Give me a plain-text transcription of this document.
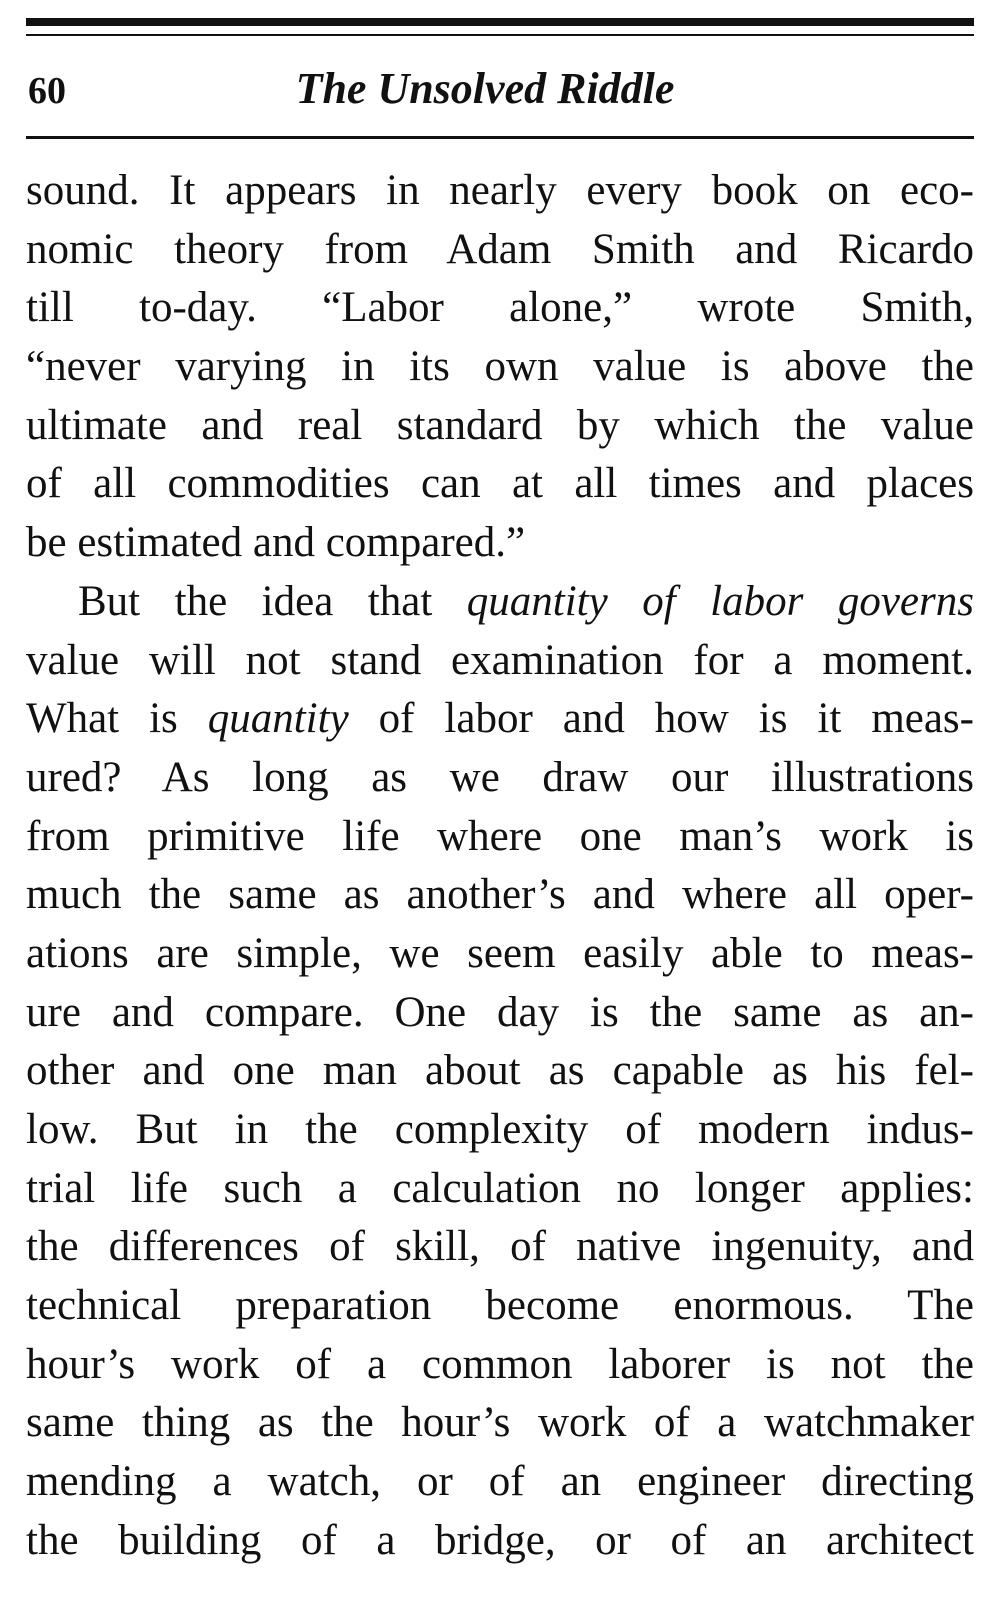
60	The Unsolved Riddle
sound. It appears in nearly every book on eco-
nomic theory from Adam Smith and Ricardo
till to-day. “Labor alone,” wrote Smith,
“never varying in its own value is above the
ultimate and real standard by which the value
of all commodities can at all times and places
be estimated and compared.”
But the idea that quantity of labor governs
value will not stand examination for a moment.
What is quantity of labor and how is it meas-
ured? As long as we draw our illustrations
from primitive life where one man’s work is
much the same as another’s and where all oper-
ations are simple, we seem easily able to meas-
ure and compare. One day is the same as an-
other and one man about as capable as his fel-
low. But in the complexity of modern indus-
trial life such a calculation no longer applies:
the differences of skill, of native ingenuity, and
technical preparation become enormous. The
hour’s work of a common laborer is not the
same thing as the hour’s work of a watchmaker
mending a watch, or of an engineer directing
the building of a bridge, or of an architect
